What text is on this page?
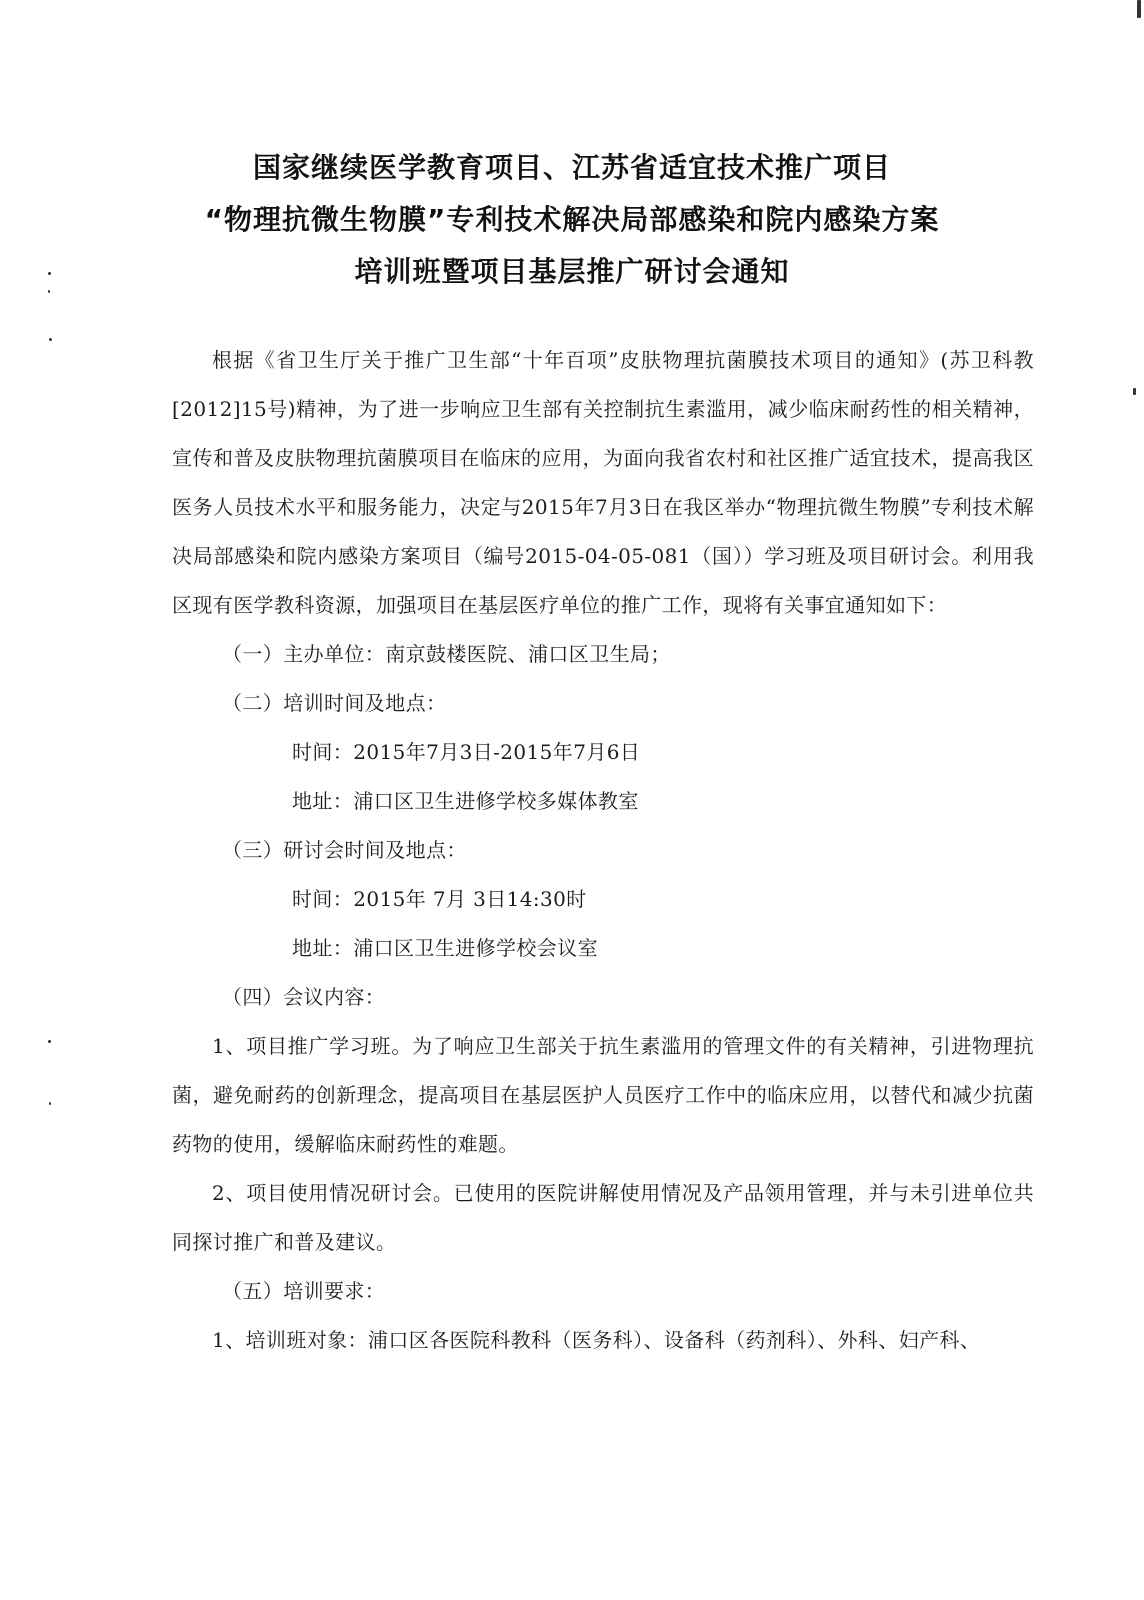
国家继续医学教育项目、江苏省适宜技术推广项目
“物理抗微生物膜”专利技术解决局部感染和院内感染方案
培训班暨项目基层推广研讨会通知

根据《省卫生厅关于推广卫生部“十年百项”皮肤物理抗菌膜技术项目的通知》(苏卫科教[2012]15号)精神，为了进一步响应卫生部有关控制抗生素滥用，减少临床耐药性的相关精神，宣传和普及皮肤物理抗菌膜项目在临床的应用，为面向我省农村和社区推广适宜技术，提高我区医务人员技术水平和服务能力，决定与2015年7月3日在我区举办“物理抗微生物膜”专利技术解决局部感染和院内感染方案项目（编号2015-04-05-081（国））学习班及项目研讨会。利用我区现有医学教科资源，加强项目在基层医疗单位的推广工作，现将有关事宜通知如下：

（一）主办单位：南京鼓楼医院、浦口区卫生局；

（二）培训时间及地点：

时间：2015年7月3日-2015年7月6日

地址：浦口区卫生进修学校多媒体教室

（三）研讨会时间及地点：

时间：2015年 7月 3日14:30时

地址：浦口区卫生进修学校会议室

（四）会议内容：

1、项目推广学习班。为了响应卫生部关于抗生素滥用的管理文件的有关精神，引进物理抗菌，避免耐药的创新理念，提高项目在基层医护人员医疗工作中的临床应用，以替代和减少抗菌药物的使用，缓解临床耐药性的难题。

2、项目使用情况研讨会。已使用的医院讲解使用情况及产品领用管理，并与未引进单位共同探讨推广和普及建议。

（五）培训要求：

1、培训班对象：浦口区各医院科教科（医务科）、设备科（药剂科）、外科、妇产科、
